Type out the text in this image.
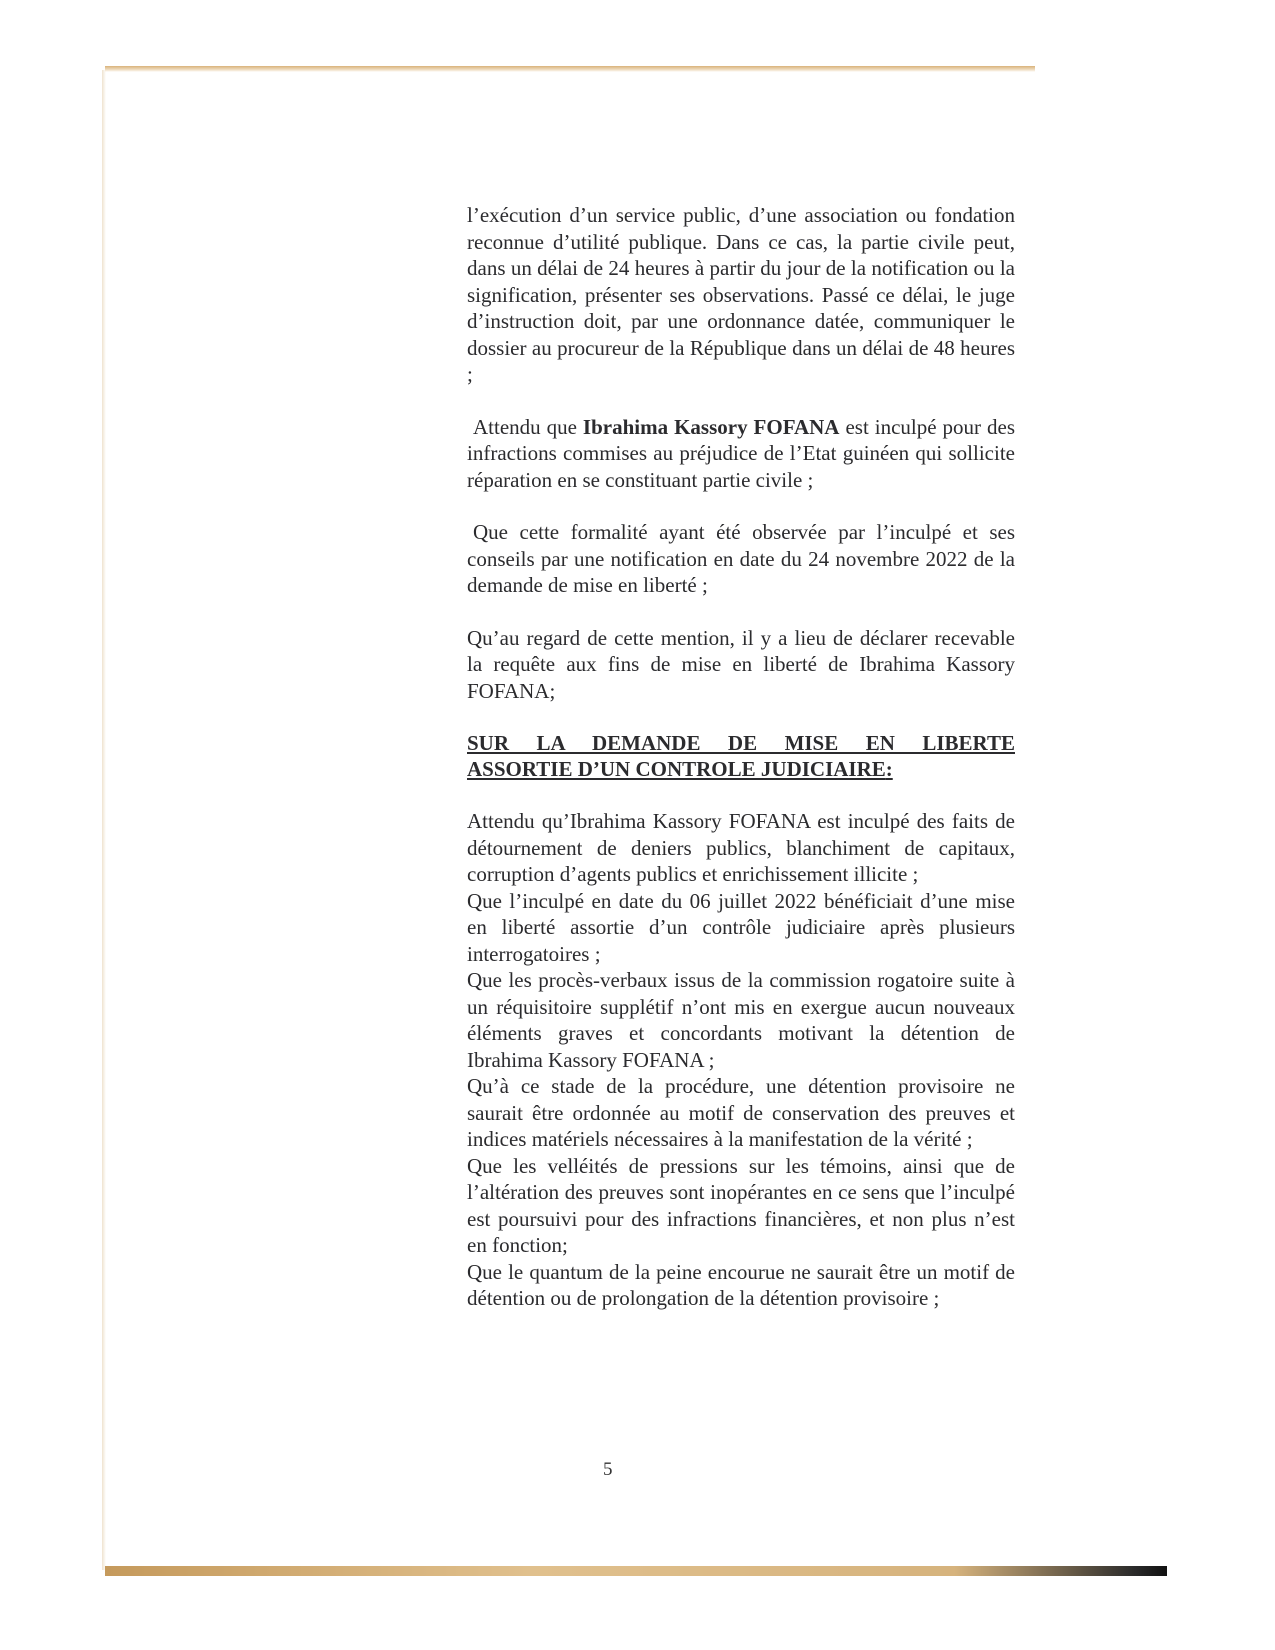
l’exécution d’un service public, d’une association ou fondation reconnue d’utilité publique. Dans ce cas, la partie civile peut, dans un délai de 24 heures à partir du jour de la notification ou la signification, présenter ses observations. Passé ce délai, le juge d’instruction doit, par une ordonnance datée, communiquer le dossier au procureur de la République dans un délai de 48 heures ;

Attendu que Ibrahima Kassory FOFANA est inculpé pour des infractions commises au préjudice de l’Etat guinéen qui sollicite réparation en se constituant partie civile ;

Que cette formalité ayant été observée par l’inculpé et ses conseils par une notification en date du 24 novembre 2022 de la demande de mise en liberté ;

Qu’au regard de cette mention, il y a lieu de déclarer recevable la requête aux fins de mise en liberté de Ibrahima Kassory FOFANA;

SUR LA DEMANDE DE MISE EN LIBERTE
ASSORTIE D’UN CONTROLE JUDICIAIRE:

Attendu qu’Ibrahima Kassory FOFANA est inculpé des faits de détournement de deniers publics, blanchiment de capitaux, corruption d’agents publics et enrichissement illicite ;

Que l’inculpé en date du 06 juillet 2022 bénéficiait d’une mise en liberté assortie d’un contrôle judiciaire après plusieurs interrogatoires ;

Que les procès-verbaux issus de la commission rogatoire suite à un réquisitoire supplétif n’ont mis en exergue aucun nouveaux éléments graves et concordants motivant la détention de Ibrahima Kassory FOFANA ;

Qu’à ce stade de la procédure, une détention provisoire ne saurait être ordonnée au motif de conservation des preuves et indices matériels nécessaires à la manifestation de la vérité ;

Que les velléités de pressions sur les témoins, ainsi que de l’altération des preuves sont inopérantes en ce sens que l’inculpé est poursuivi pour des infractions financières, et non plus n’est en fonction;

Que le quantum de la peine encourue ne saurait être un motif de détention ou de prolongation de la détention provisoire ;

5
